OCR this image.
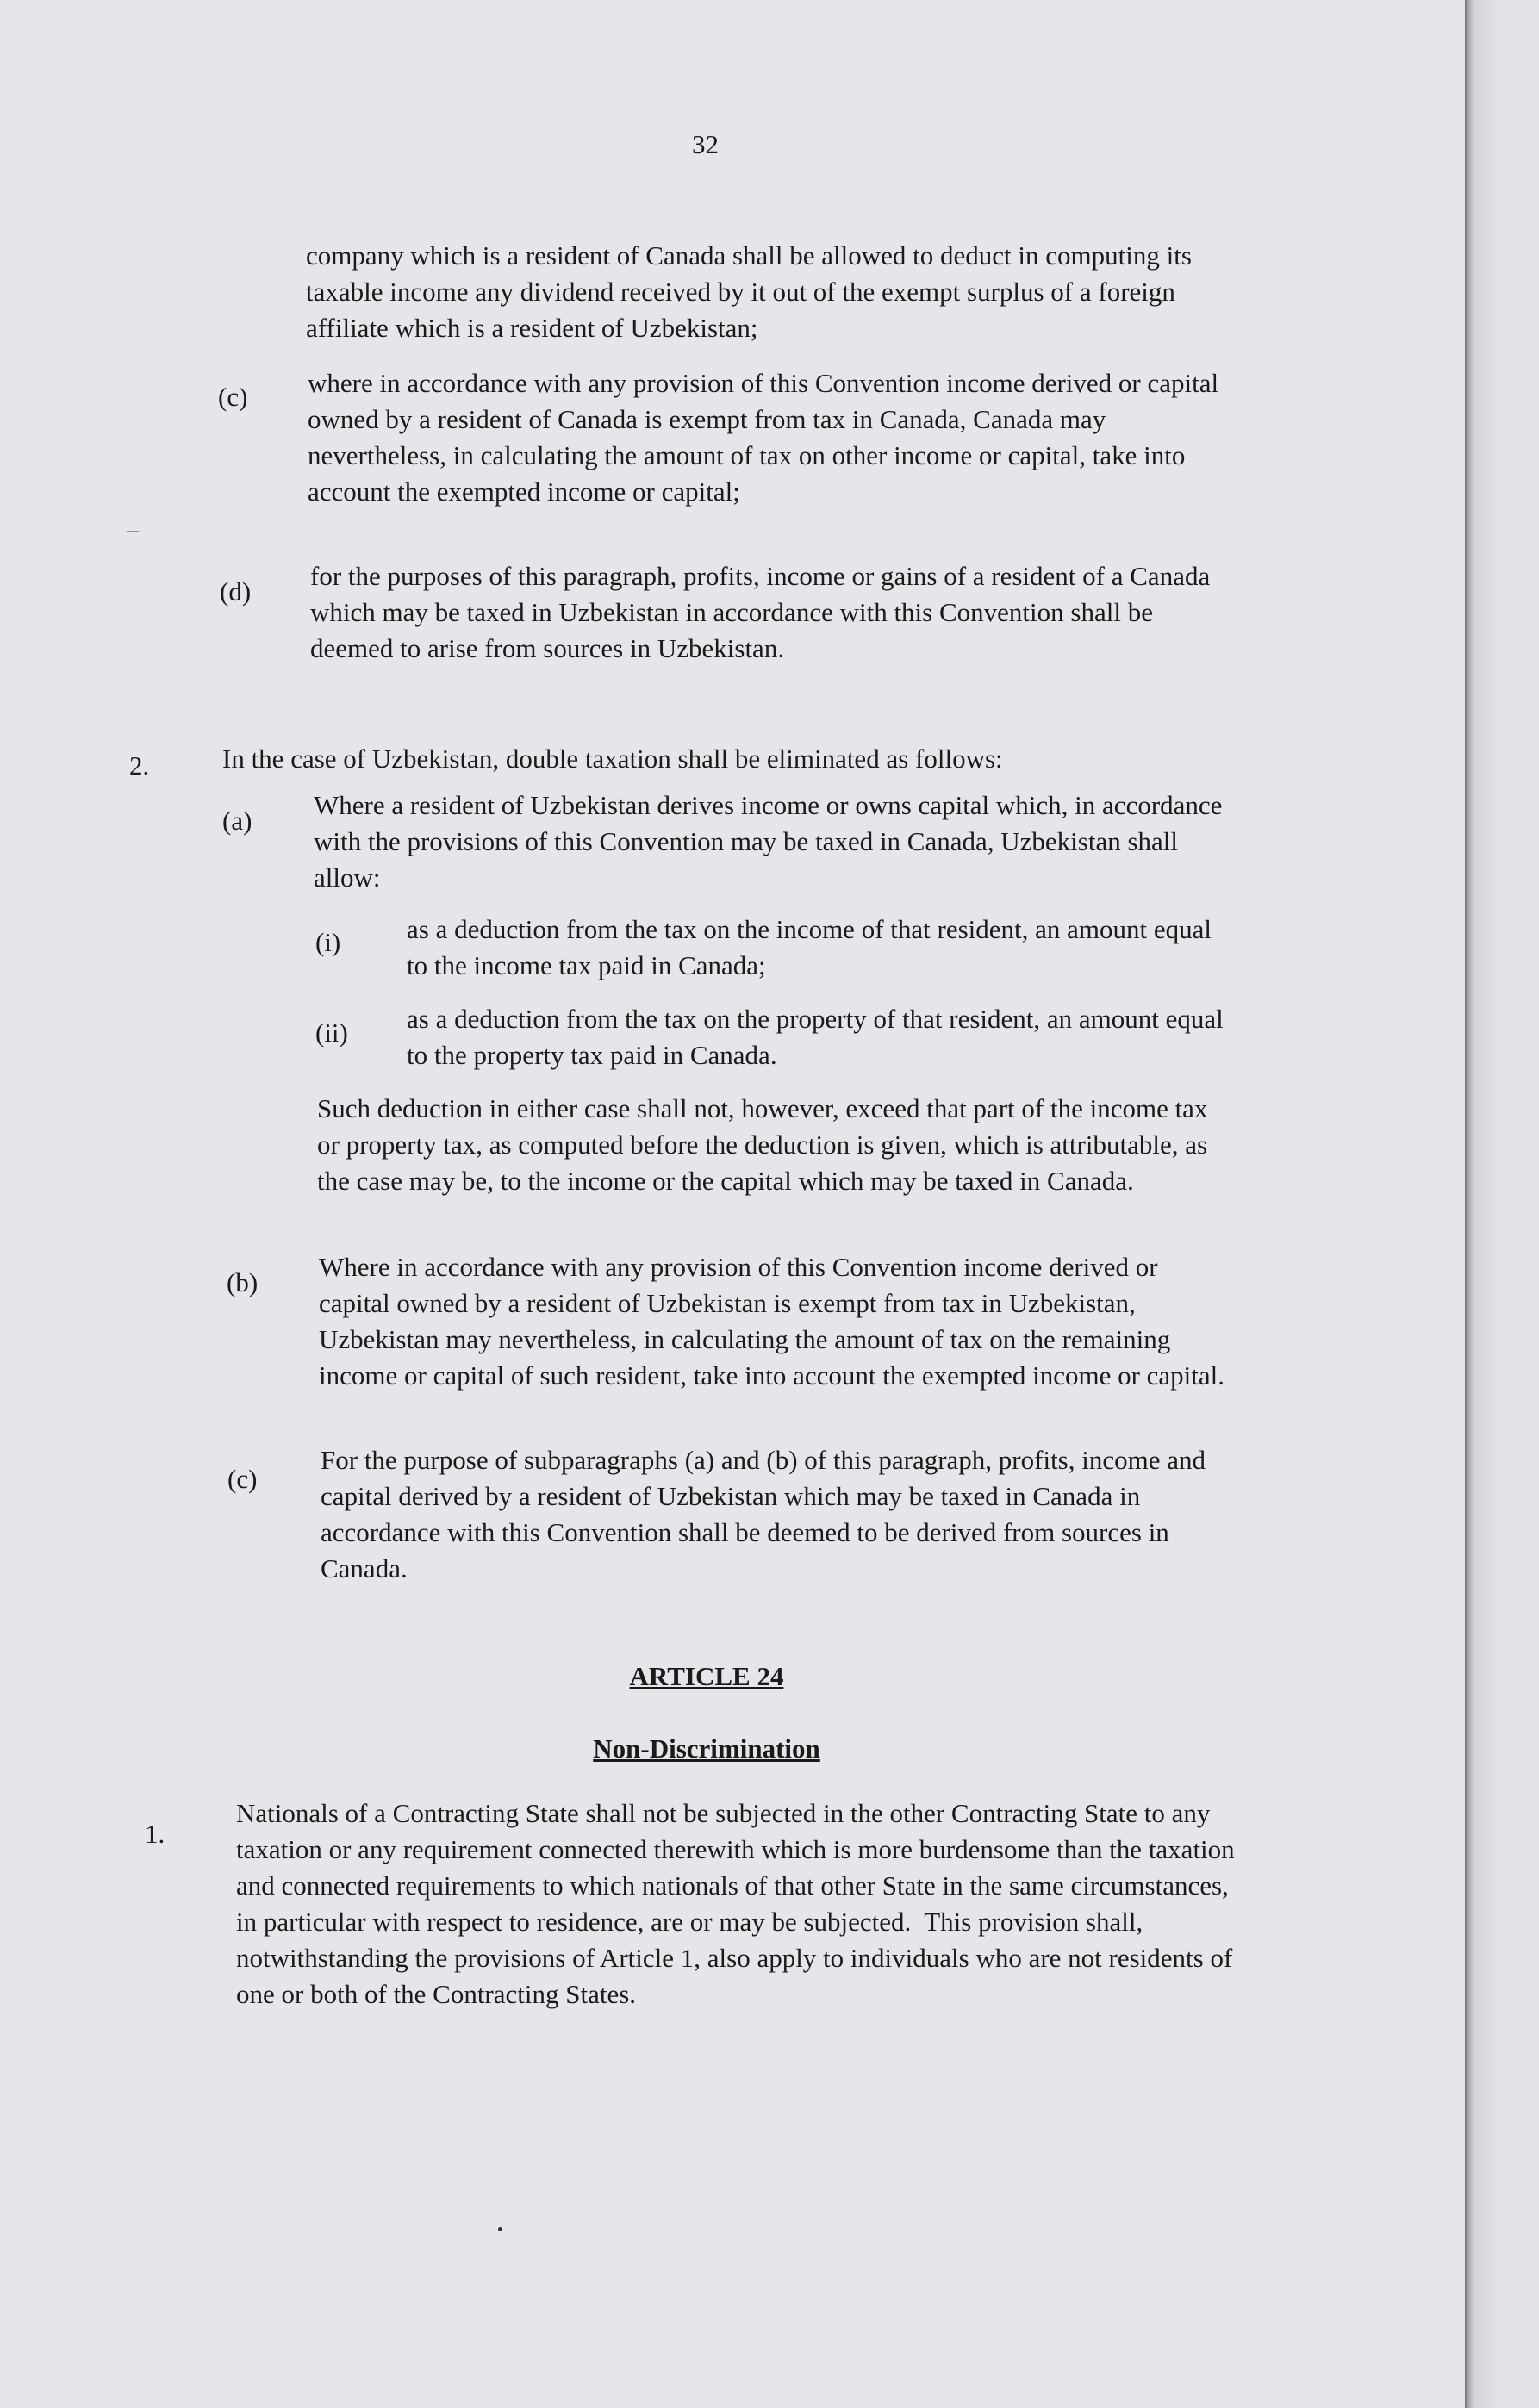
32

company which is a resident of Canada shall be allowed to deduct in computing its taxable income any dividend received by it out of the exempt surplus of a foreign affiliate which is a resident of Uzbekistan;

(c) where in accordance with any provision of this Convention income derived or capital owned by a resident of Canada is exempt from tax in Canada, Canada may nevertheless, in calculating the amount of tax on other income or capital, take into account the exempted income or capital;

–
(d)

for the purposes of this paragraph, profits, income or gains of a resident of a Canada which may be taxed in Uzbekistan in accordance with this Convention shall be deemed to arise from sources in Uzbekistan.

2.	In the case of Uzbekistan, double taxation shall be eliminated as follows:

(a)

Where a resident of Uzbekistan derives income or owns capital which, in accordance with the provisions of this Convention may be taxed in Canada, Uzbekistan shall allow:

(i) as a deduction from the tax on the income of that resident, an amount equal to the income tax paid in Canada;

(ii) as a deduction from the tax on the property of that resident, an amount equal to the property tax paid in Canada.

Such deduction in either case shall not, however, exceed that part of the income tax or property tax, as computed before the deduction is given, which is attributable, as the case may be, to the income or the capital which may be taxed in Canada.

(b)

Where in accordance with any provision of this Convention income derived or capital owned by a resident of Uzbekistan is exempt from tax in Uzbekistan, Uzbekistan may nevertheless, in calculating the amount of tax on the remaining income or capital of such resident, take into account the exempted income or capital.

(c)

For the purpose of subparagraphs (a) and (b) of this paragraph, profits, income and capital derived by a resident of Uzbekistan which may be taxed in Canada in accordance with this Convention shall be deemed to be derived from sources in Canada.

ARTICLE 24
Non-Discrimination
1.

Nationals of a Contracting State shall not be subjected in the other Contracting State to any taxation or any requirement connected therewith which is more burdensome than the taxation and connected requirements to which nationals of that other State in the same circumstances, in particular with respect to residence, are or may be subjected.  This provision shall, notwithstanding the provisions of Article 1, also apply to individuals who are not residents of one or both of the Contracting States.
